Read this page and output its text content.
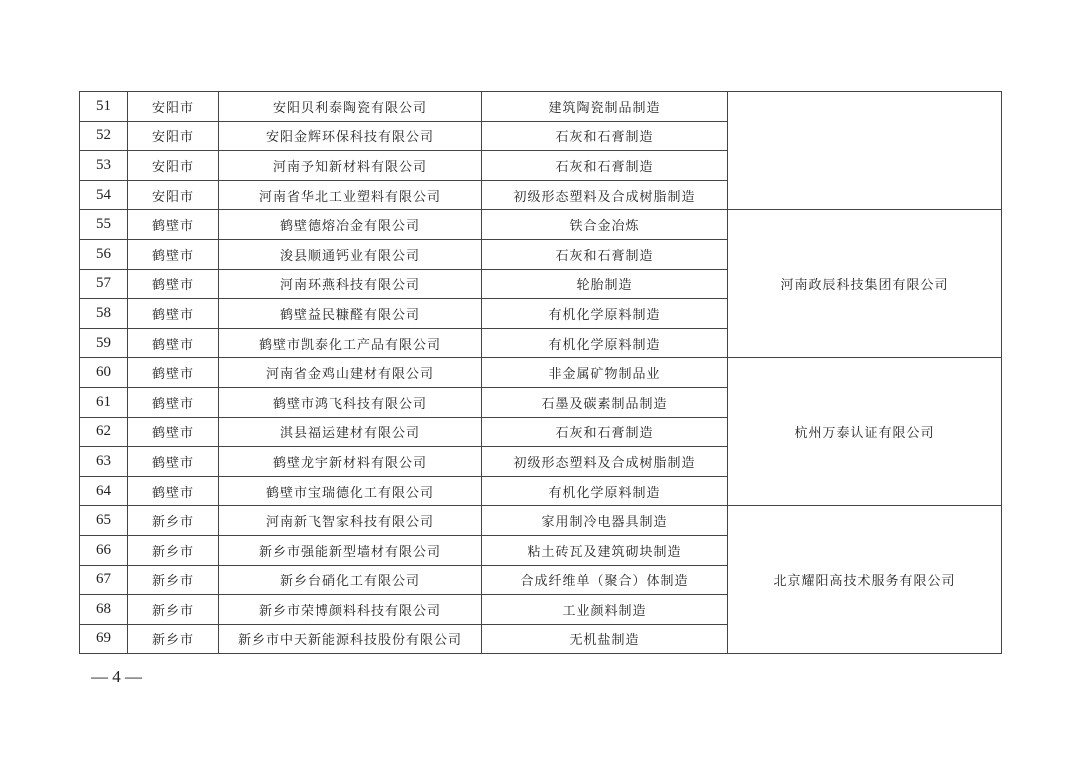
51	安阳市	安阳贝利泰陶瓷有限公司	建筑陶瓷制品制造	
52	安阳市	安阳金辉环保科技有限公司	石灰和石膏制造	
53	安阳市	河南予知新材料有限公司	石灰和石膏制造	
54	安阳市	河南省华北工业塑料有限公司	初级形态塑料及合成树脂制造	
55	鹤壁市	鹤壁德熔冶金有限公司	铁合金冶炼	河南政辰科技集团有限公司
56	鹤壁市	浚县顺通钙业有限公司	石灰和石膏制造	
57	鹤壁市	河南环燕科技有限公司	轮胎制造	
58	鹤壁市	鹤壁益民糠醛有限公司	有机化学原料制造	
59	鹤壁市	鹤壁市凯泰化工产品有限公司	有机化学原料制造	
60	鹤壁市	河南省金鸡山建材有限公司	非金属矿物制品业	杭州万泰认证有限公司
61	鹤壁市	鹤壁市鸿飞科技有限公司	石墨及碳素制品制造	
62	鹤壁市	淇县福运建材有限公司	石灰和石膏制造	
63	鹤壁市	鹤壁龙宇新材料有限公司	初级形态塑料及合成树脂制造	
64	鹤壁市	鹤壁市宝瑞德化工有限公司	有机化学原料制造	
65	新乡市	河南新飞智家科技有限公司	家用制冷电器具制造	北京耀阳高技术服务有限公司
66	新乡市	新乡市强能新型墙材有限公司	粘土砖瓦及建筑砌块制造	
67	新乡市	新乡台硝化工有限公司	合成纤维单（聚合）体制造	
68	新乡市	新乡市荣博颜料科技有限公司	工业颜料制造	
69	新乡市	新乡市中天新能源科技股份有限公司	无机盐制造	
— 4 —
